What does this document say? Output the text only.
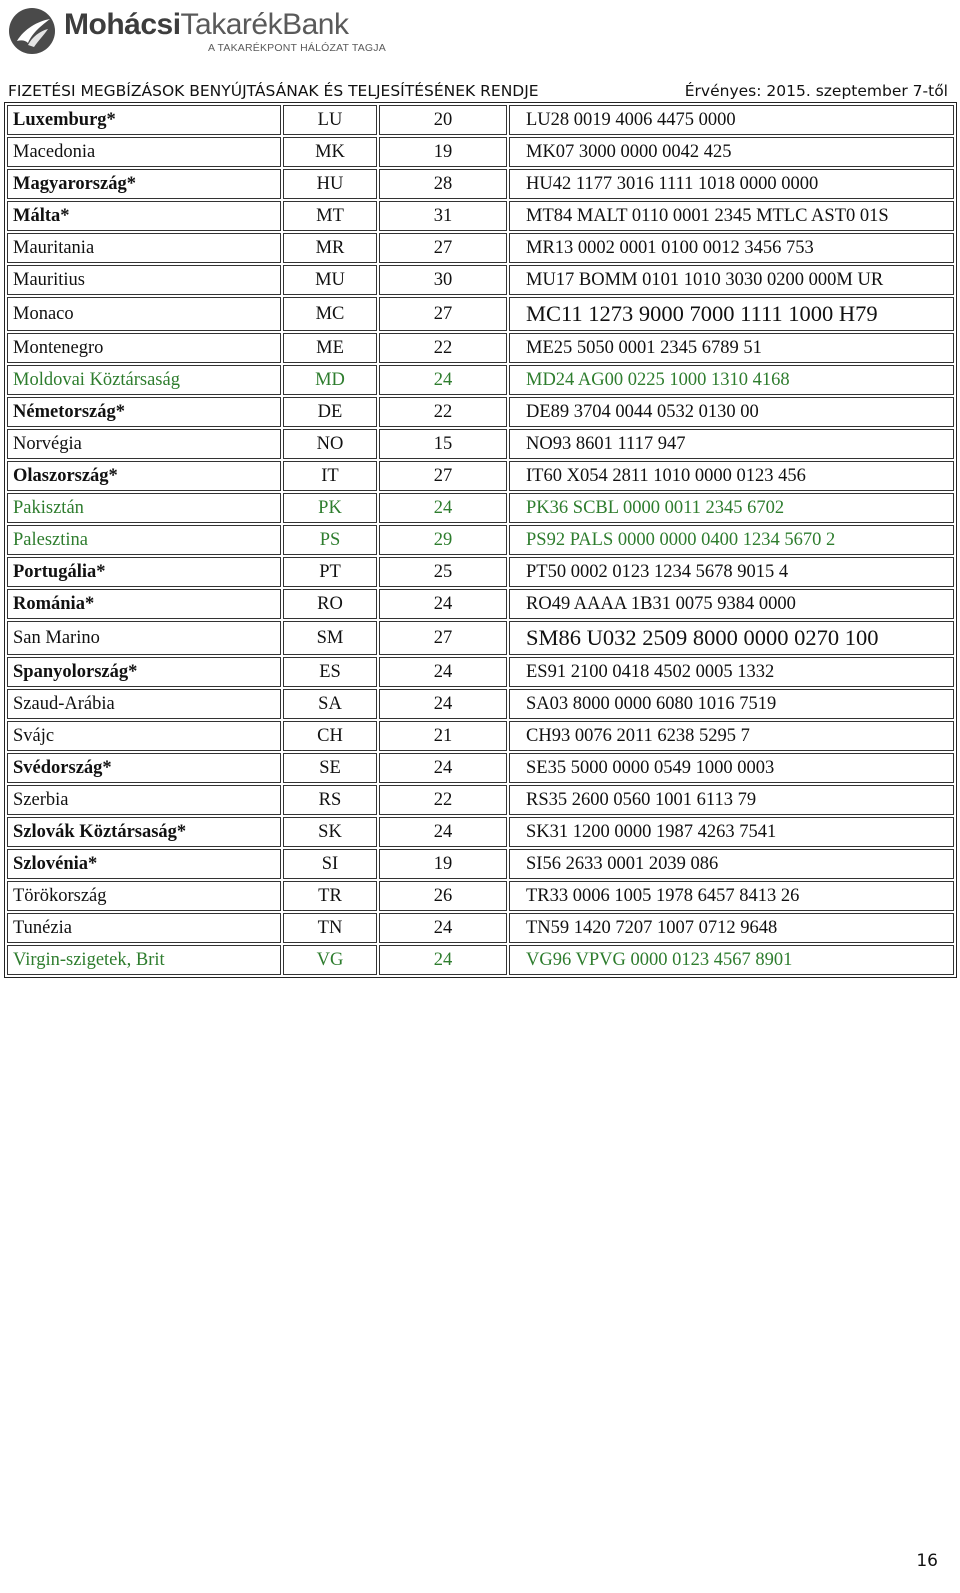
MohácsiTakarékBank
A TAKARÉKPONT HÁLÓZAT TAGJA
FIZETÉSI MEGBÍZÁSOK BENYÚJTÁSÁNAK ÉS TELJESÍTÉSÉNEK RENDJE	Érvényes: 2015. szeptember 7-től
Luxemburg*	LU	20	LU28 0019 4006 4475 0000
Macedonia	MK	19	MK07 3000 0000 0042 425
Magyarország*	HU	28	HU42 1177 3016 1111 1018 0000 0000
Málta*	MT	31	MT84 MALT 0110 0001 2345 MTLC AST0 01S
Mauritania	MR	27	MR13 0002 0001 0100 0012 3456 753
Mauritius	MU	30	MU17 BOMM 0101 1010 3030 0200 000M UR
Monaco	MC	27	MC11 1273 9000 7000 1111 1000 H79
Montenegro	ME	22	ME25 5050 0001 2345 6789 51
Moldovai Köztársaság	MD	24	MD24 AG00 0225 1000 1310 4168
Németország*	DE	22	DE89 3704 0044 0532 0130 00
Norvégia	NO	15	NO93 8601 1117 947
Olaszország*	IT	27	IT60 X054 2811 1010 0000 0123 456
Pakisztán	PK	24	PK36 SCBL 0000 0011 2345 6702
Palesztina	PS	29	PS92 PALS 0000 0000 0400 1234 5670 2
Portugália*	PT	25	PT50 0002 0123 1234 5678 9015 4
Románia*	RO	24	RO49 AAAA 1B31 0075 9384 0000
San Marino	SM	27	SM86 U032 2509 8000 0000 0270 100
Spanyolország*	ES	24	ES91 2100 0418 4502 0005 1332
Szaud-Arábia	SA	24	SA03 8000 0000 6080 1016 7519
Svájc	CH	21	CH93 0076 2011 6238 5295 7
Svédország*	SE	24	SE35 5000 0000 0549 1000 0003
Szerbia	RS	22	RS35 2600 0560 1001 6113 79
Szlovák Köztársaság*	SK	24	SK31 1200 0000 1987 4263 7541
Szlovénia*	SI	19	SI56 2633 0001 2039 086
Törökország	TR	26	TR33 0006 1005 1978 6457 8413 26
Tunézia	TN	24	TN59 1420 7207 1007 0712 9648
Virgin-szigetek, Brit	VG	24	VG96 VPVG 0000 0123 4567 8901
16
